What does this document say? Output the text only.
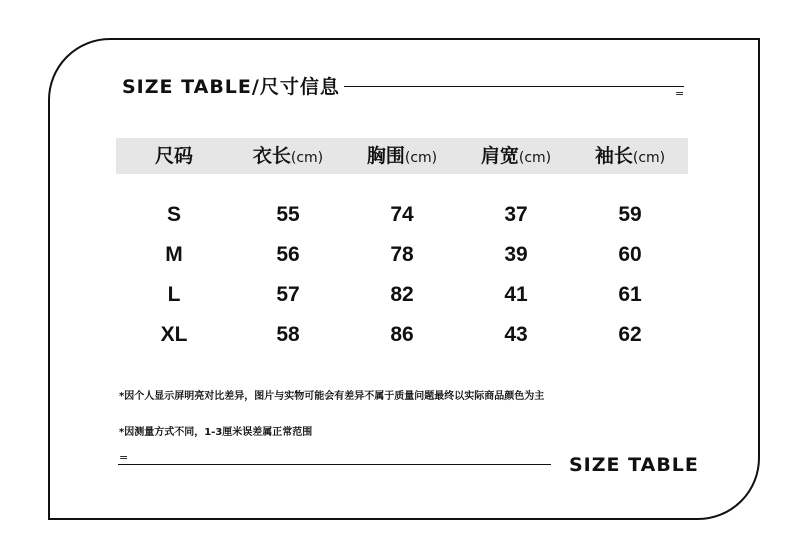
SIZE TABLE/尺寸信息	=
尺码	衣长(cm) 胸围(cm) 肩宽(cm) 袖长(cm)
S	55	74	37	59
M	56	78	39	60
L	57	82	41	61
XL	58	86	43	62
*因个人显示屏明亮对比差异，图片与实物可能会有差异不属于质量问题最终以实际商品颜色为主
*因测量方式不同，1-3厘米误差属正常范围
=	SIZE TABLE
